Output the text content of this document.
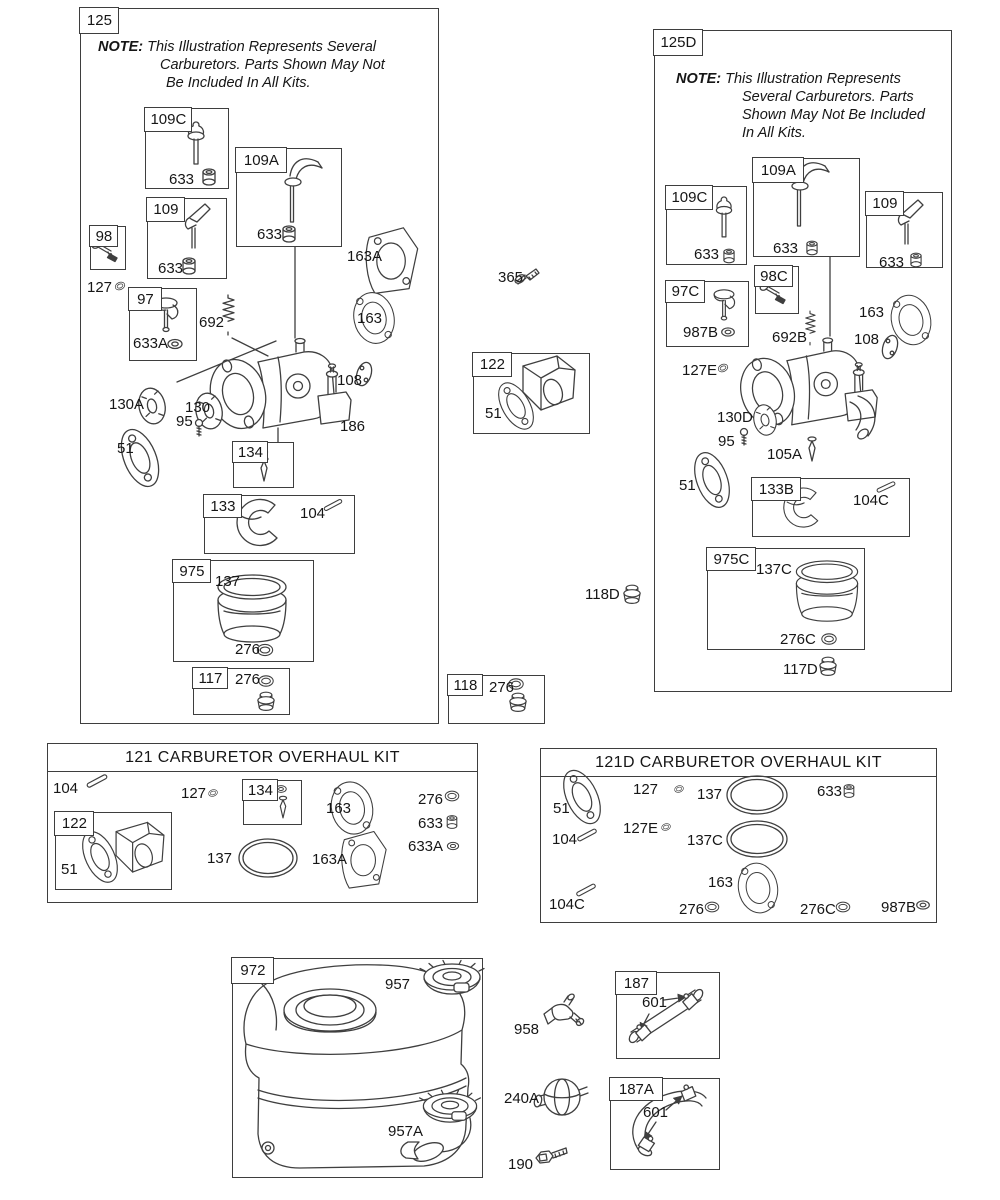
125
125D
109C
109
98
97
109A
134
133
975
117
122
118
109C
109A
109
97C
98C
133B
975C
134
122
972
187
187A
121 CARBURETOR OVERHAUL KIT	121D CARBURETOR OVERHAUL KIT
NOTE: This Illustration Represents Several
Carburetors. Parts Shown May Not
Be Included In All Kits.	NOTE: This Illustration Represents
Several Carburetors. Parts
Shown May Not Be Included
In All Kits.
633
633
127
633A
633
692
163A
163
108
130A	130
95
51
186
104
137
276
276
365
51
276
118D
633	633
633
987B	692B
163
108
127E
130D
95
105A
51
104C
137C
276C
117D
104	127
163
276
633
633A
51
137	163A
51
127	137	633
104
127E
137C
163
104C	276	276C	987B
957
957A
958
240A
190
601
601
